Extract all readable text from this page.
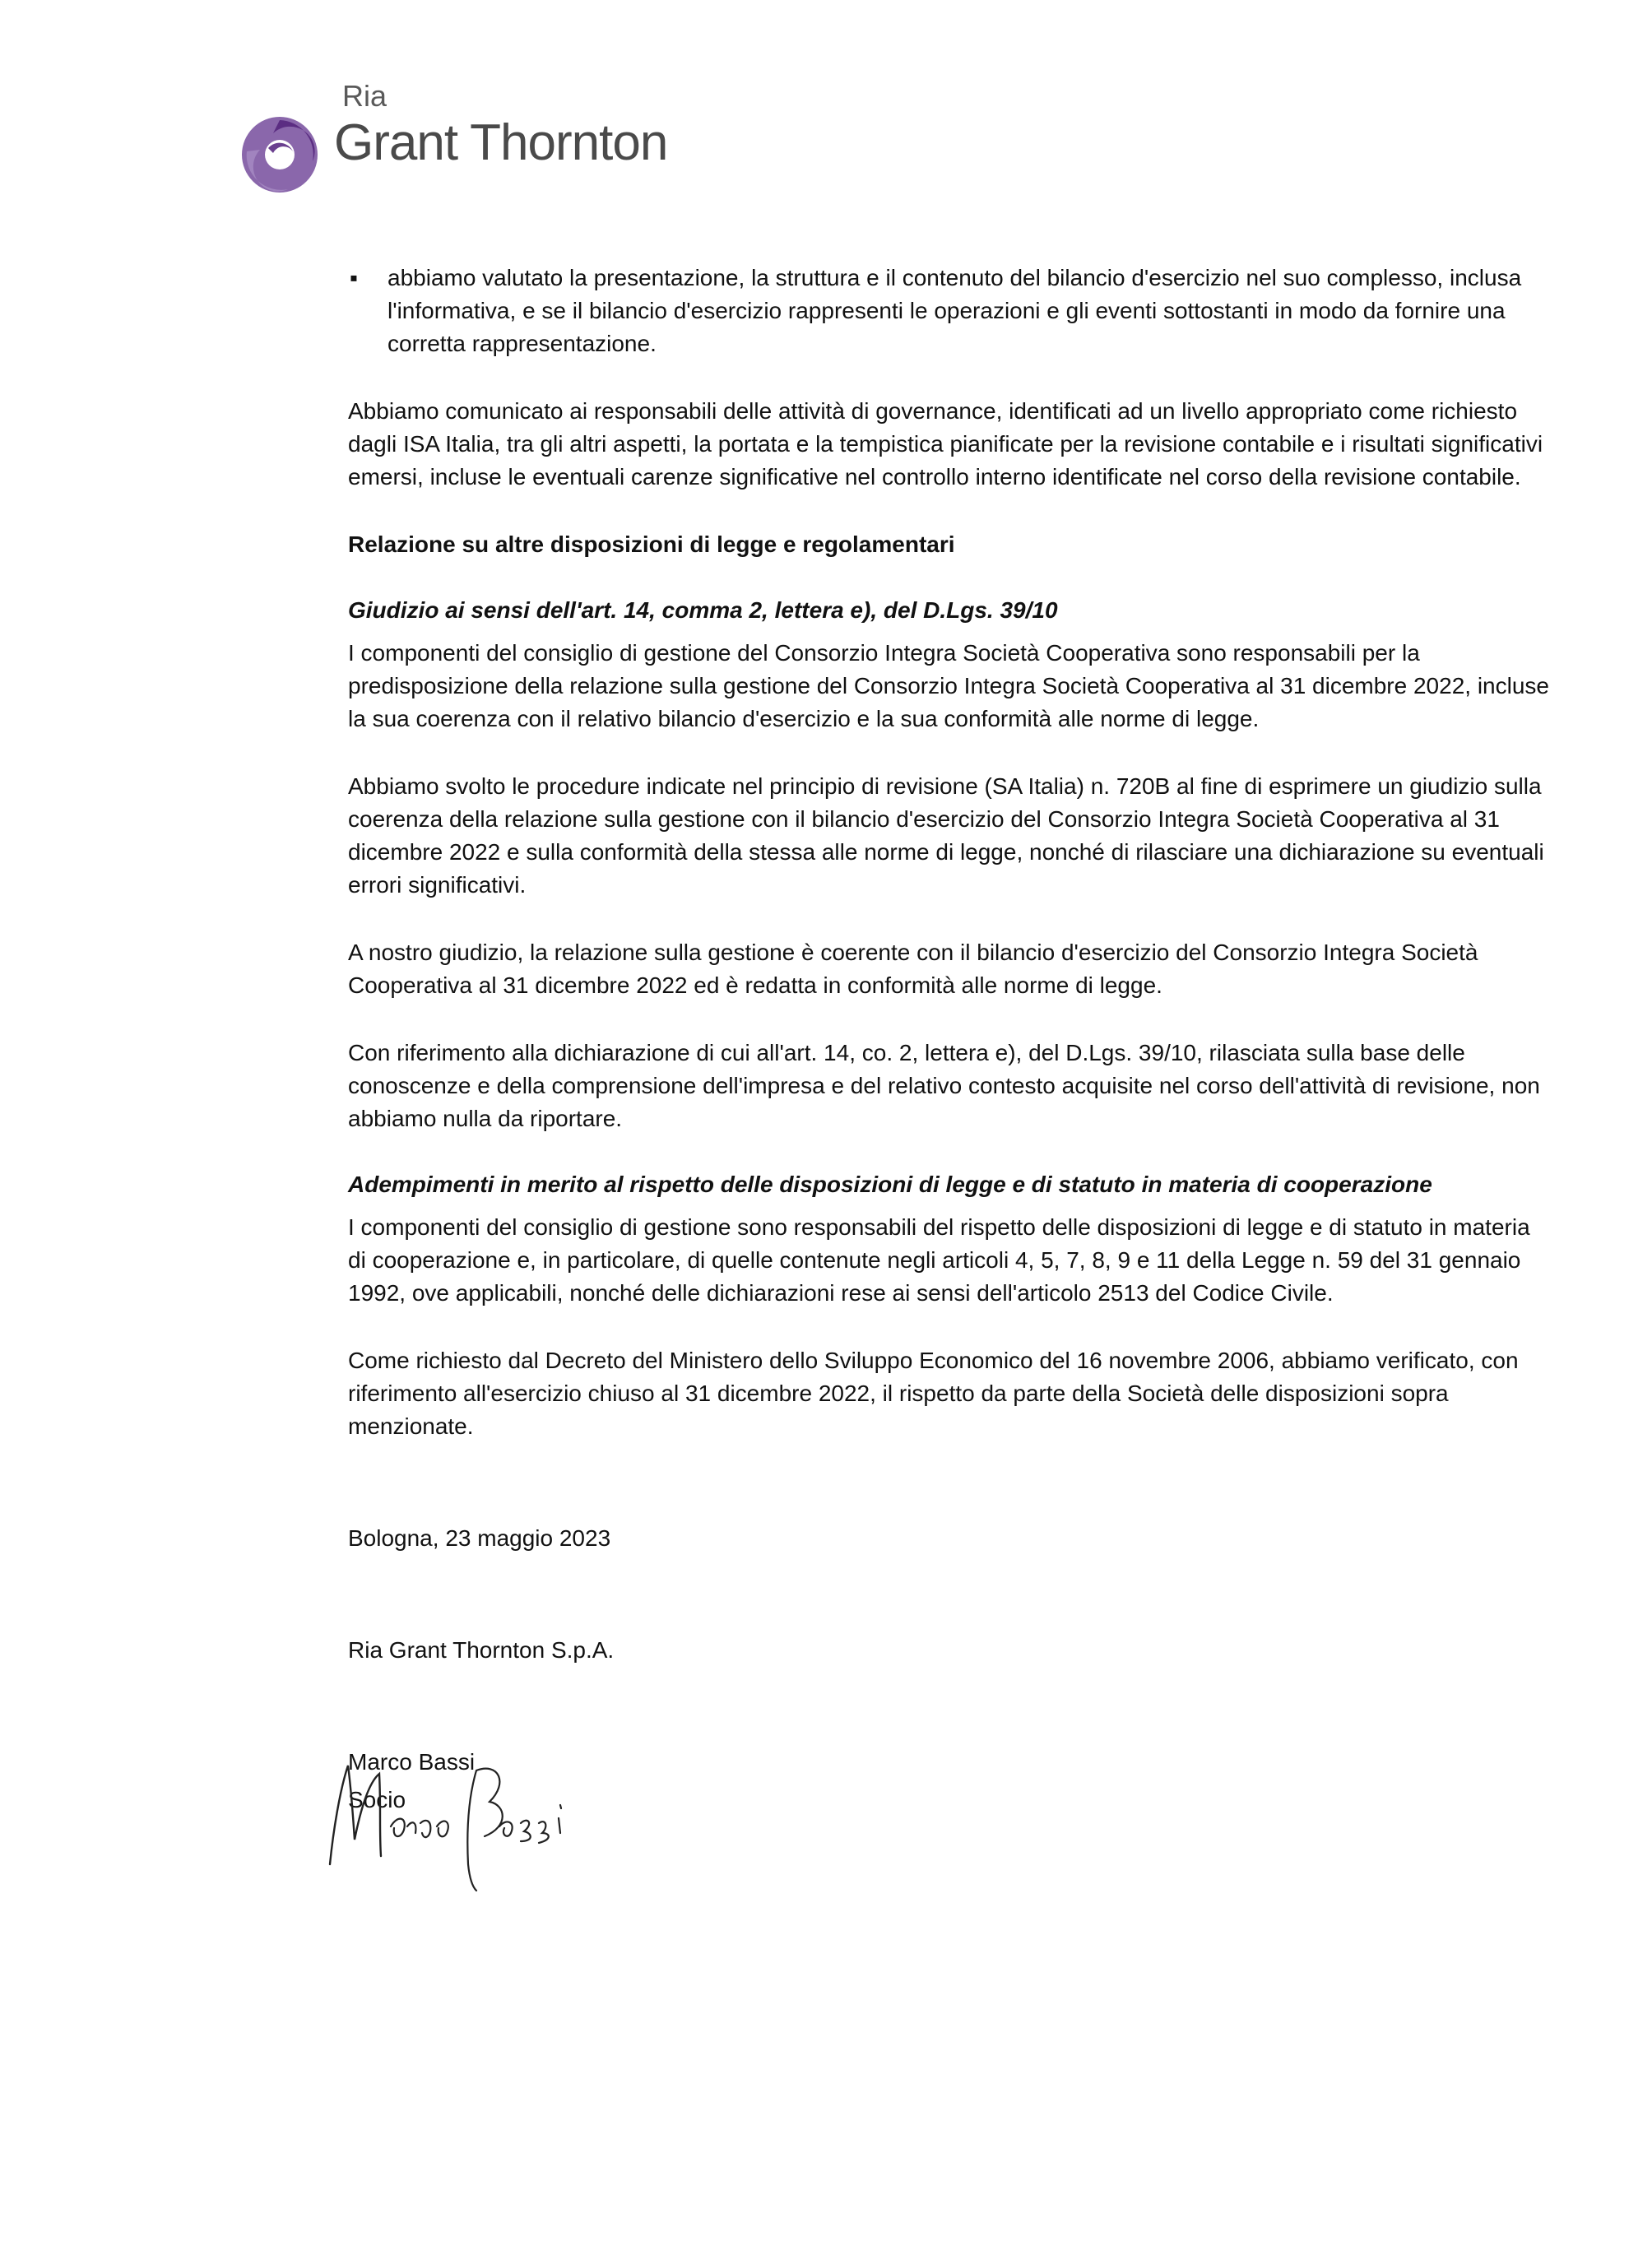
Ria
Grant Thornton
▪ abbiamo valutato la presentazione, la struttura e il contenuto del bilancio d'esercizio nel suo complesso, inclusa l'informativa, e se il bilancio d'esercizio rappresenti le operazioni e gli eventi sottostanti in modo da fornire una corretta rappresentazione.

Abbiamo comunicato ai responsabili delle attività di governance, identificati ad un livello appropriato come richiesto dagli ISA Italia, tra gli altri aspetti, la portata e la tempistica pianificate per la revisione contabile e i risultati significativi emersi, incluse le eventuali carenze significative nel controllo interno identificate nel corso della revisione contabile.

Relazione su altre disposizioni di legge e regolamentari

Giudizio ai sensi dell'art. 14, comma 2, lettera e), del D.Lgs. 39/10

I componenti del consiglio di gestione del Consorzio Integra Società Cooperativa sono responsabili per la predisposizione della relazione sulla gestione del Consorzio Integra Società Cooperativa al 31 dicembre 2022, incluse la sua coerenza con il relativo bilancio d'esercizio e la sua conformità alle norme di legge.

Abbiamo svolto le procedure indicate nel principio di revisione (SA Italia) n. 720B al fine di esprimere un giudizio sulla coerenza della relazione sulla gestione con il bilancio d'esercizio del Consorzio Integra Società Cooperativa al 31 dicembre 2022 e sulla conformità della stessa alle norme di legge, nonché di rilasciare una dichiarazione su eventuali errori significativi.

A nostro giudizio, la relazione sulla gestione è coerente con il bilancio d'esercizio del Consorzio Integra Società Cooperativa al 31 dicembre 2022 ed è redatta in conformità alle norme di legge.

Con riferimento alla dichiarazione di cui all'art. 14, co. 2, lettera e), del D.Lgs. 39/10, rilasciata sulla base delle conoscenze e della comprensione dell'impresa e del relativo contesto acquisite nel corso dell'attività di revisione, non abbiamo nulla da riportare.

Adempimenti in merito al rispetto delle disposizioni di legge e di statuto in materia di cooperazione

I componenti del consiglio di gestione sono responsabili del rispetto delle disposizioni di legge e di statuto in materia di cooperazione e, in particolare, di quelle contenute negli articoli 4, 5, 7, 8, 9 e 11 della Legge n. 59 del 31 gennaio 1992, ove applicabili, nonché delle dichiarazioni rese ai sensi dell'articolo 2513 del Codice Civile.

Come richiesto dal Decreto del Ministero dello Sviluppo Economico del 16 novembre 2006, abbiamo verificato, con riferimento all'esercizio chiuso al 31 dicembre 2022, il rispetto da parte della Società delle disposizioni sopra menzionate.

Bologna, 23 maggio 2023

Ria Grant Thornton S.p.A.

Marco Bassi

Socio
